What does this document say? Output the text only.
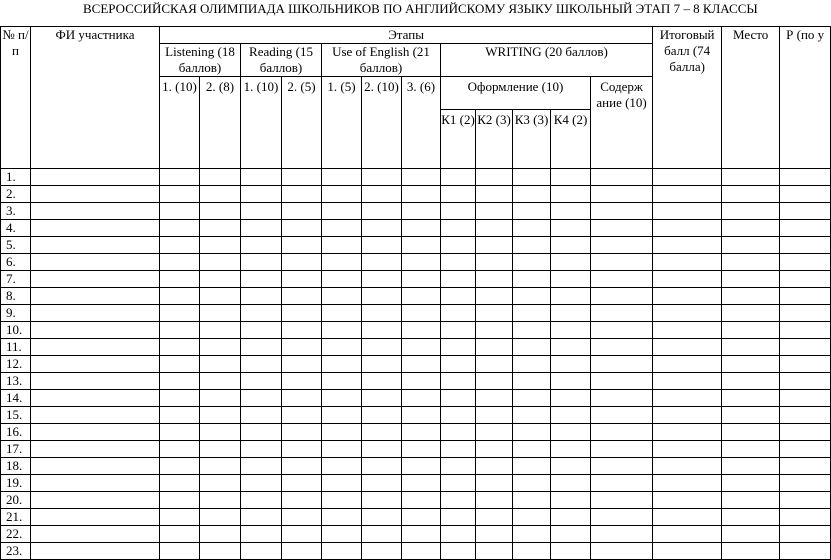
ВСЕРОССИЙСКАЯ ОЛИМПИАДА ШКОЛЬНИКОВ ПО АНГЛИЙСКОМУ ЯЗЫКУ ШКОЛЬНЫЙ ЭТАП 7 – 8 КЛАССЫ
№ п/п	ФИ участника	Этапы												Итоговый балл (74 балла)	Место	Р (по у
		Listening (18 баллов)		Reading (15 баллов)		Use of English (21 баллов)			WRITING (20 баллов)							
		1. (10)	2. (8)	1. (10)	2. (5)	1. (5)	2. (10)	3. (6)	Оформление (10)				Содерж ание (10)			
									К1 (2)	К2 (3)	К3 (3)	К4 (2)				
1.																
2.																
3.																
4.																
5.																
6.																
7.																
8.																
9.																
10.																
11.																
12.																
13.																
14.																
15.																
16.																
17.																
18.																
19.																
20.																
21.																
22.																
23.																
